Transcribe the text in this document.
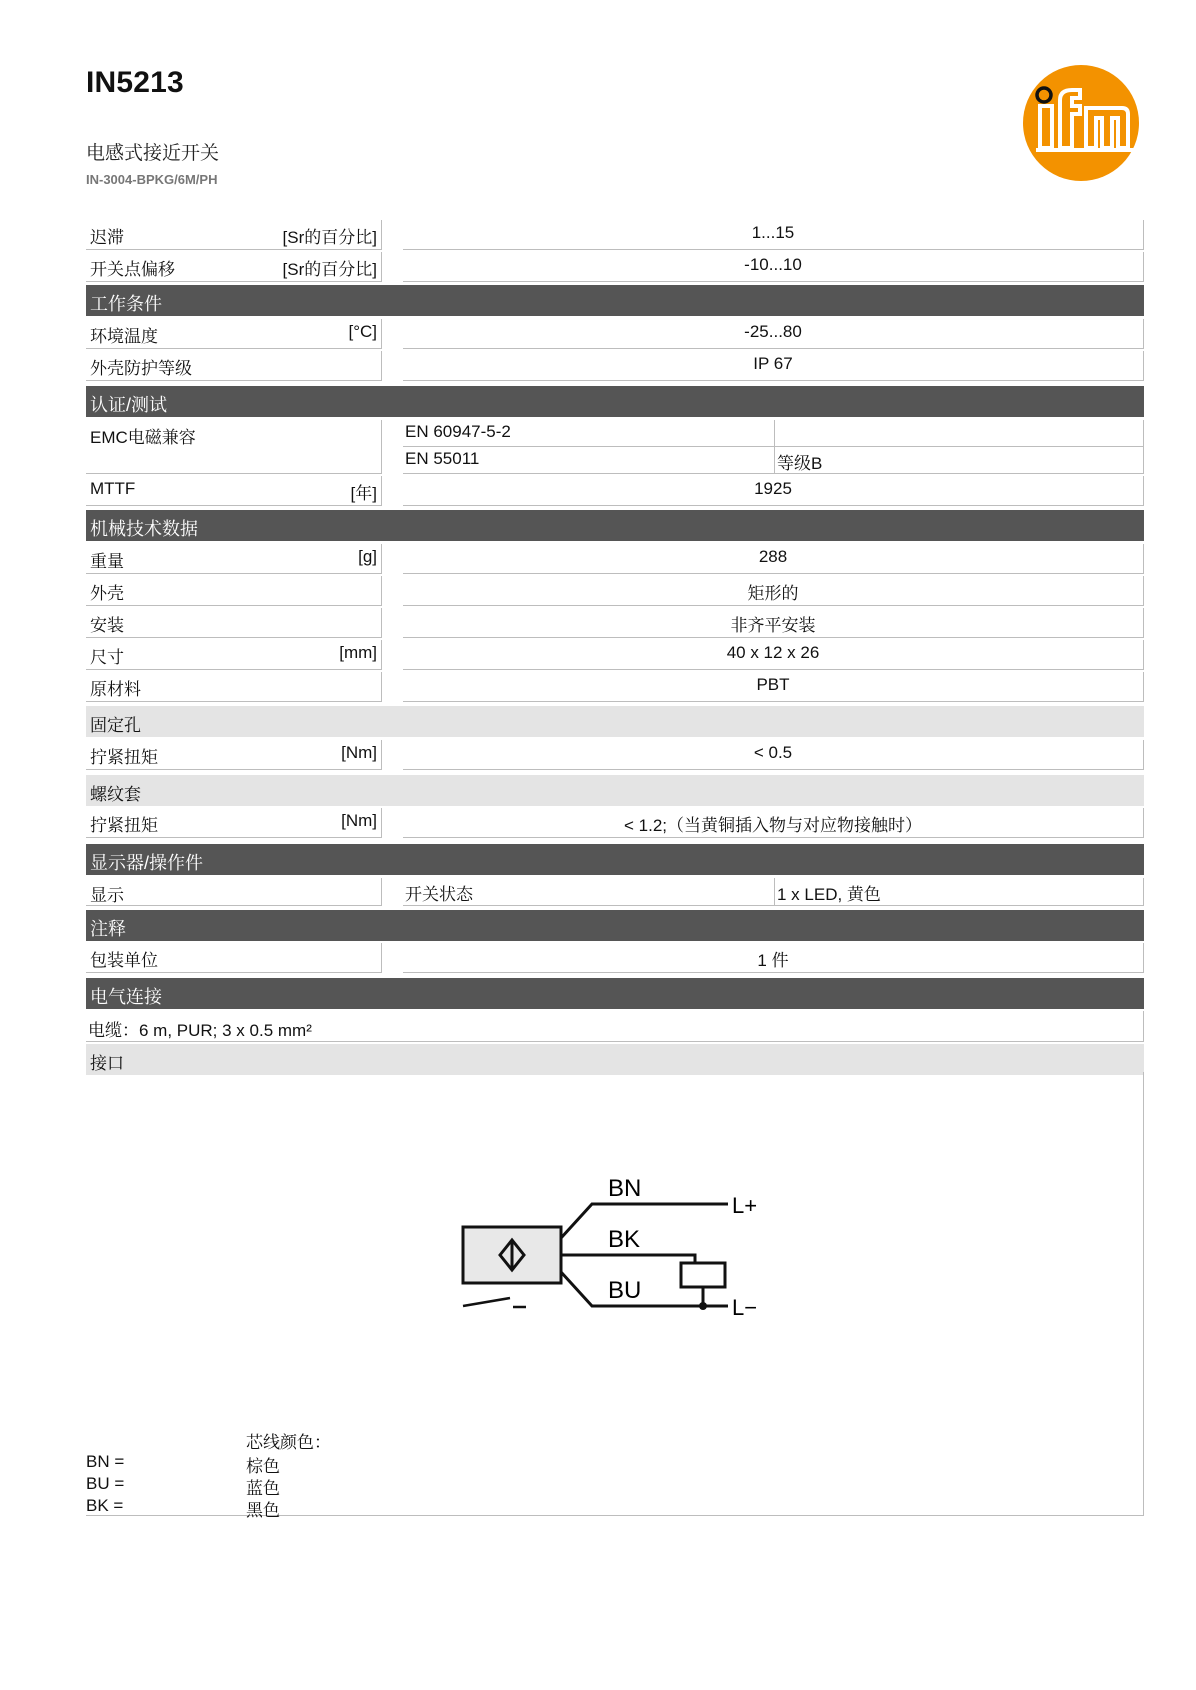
IN5213
电感式接近开关
IN-3004-BPKG/6M/PH
迟滞	[Sr的百分比]	1...15
开关点偏移	[Sr的百分比]	-10...10
工作条件
环境温度	[°C]	-25...80
外壳防护等级	IP 67
认证/测试
EMC电磁兼容	EN 60947-5-2
EN 55011	等级B
MTTF	[年]	1925
机械技术数据
重量	[g]	288
外壳	矩形的
安装	非齐平安装
尺寸	[mm]	40 x 12 x 26
原材料	PBT
固定孔
拧紧扭矩	[Nm]	< 0.5
螺纹套
拧紧扭矩	[Nm]	< 1.2;（当黄铜插入物与对应物接触时）
显示器/操作件
显示	开关状态	1 x LED, 黄色
注释
包装单位	1 件
电气连接
电缆：6 m, PUR; 3 x 0.5 mm²
接口
BN
BK
BU
L+
L−
芯线颜色：
BN =	棕色
BU =	蓝色
BK =	黑色
